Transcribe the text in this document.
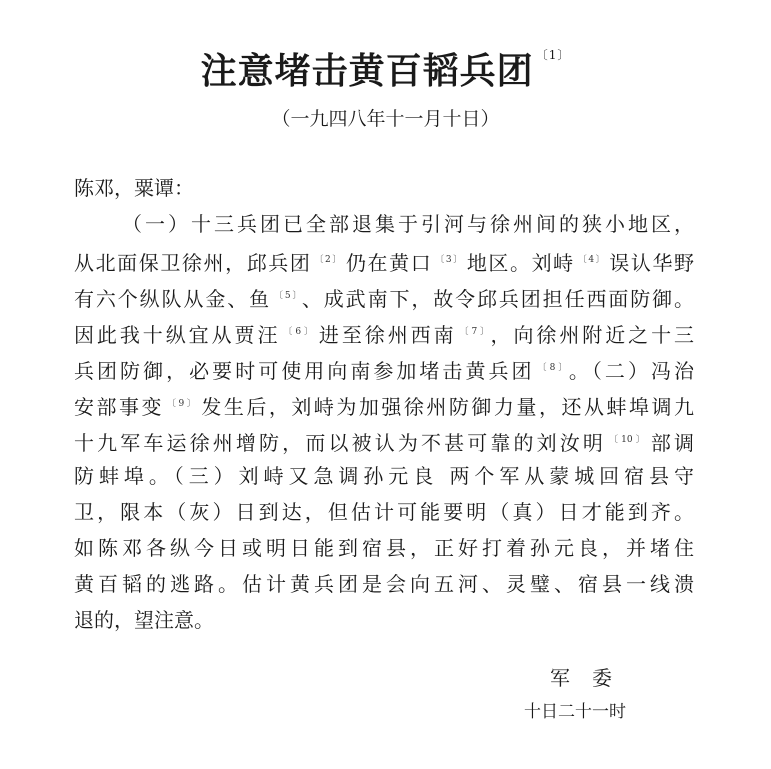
注意堵击黄百韬兵团 $^{〔1〕}$
（一九四八年十一月十日）
陈邓，粟谭：
（一）十三兵团已全部退集于引河与徐州间的狭小地区，
从北面保卫徐州，邱兵团 $^{〔2〕}$ 仍在黄口 $^{〔3〕}$ 地区。刘峙 $^{〔4〕}$ 误认华野
有六个纵队从金、鱼 $^{〔5〕}$ 、成武南下，故令邱兵团担任西面防御。
因此我十纵宜从贾汪 $^{〔6〕}$ 进至徐州西南 $^{〔7〕}$ ，向徐州附近之十三
兵团防御，必要时可使用向南参加堵击黄兵团 $^{〔8〕}$ 。（二）冯治
安部事变 $^{〔9〕}$ 发生后，刘峙为加强徐州防御力量，还从蚌埠调九
十九军车运徐州增防，而以被认为不甚可靠的刘汝明 $^{〔10〕}$ 部调
防蚌埠。（三）刘峙又急调孙元良 两个军从蒙城回宿县守
卫，限本（灰）日到达，但估计可能要明（真）日才能到齐。
如陈邓各纵今日或明日能到宿县，正好打着孙元良，并堵住
黄百韬的逃路。估计黄兵团是会向五河、灵璧、宿县一线溃
退的，望注意。
军委
十日二十一时
